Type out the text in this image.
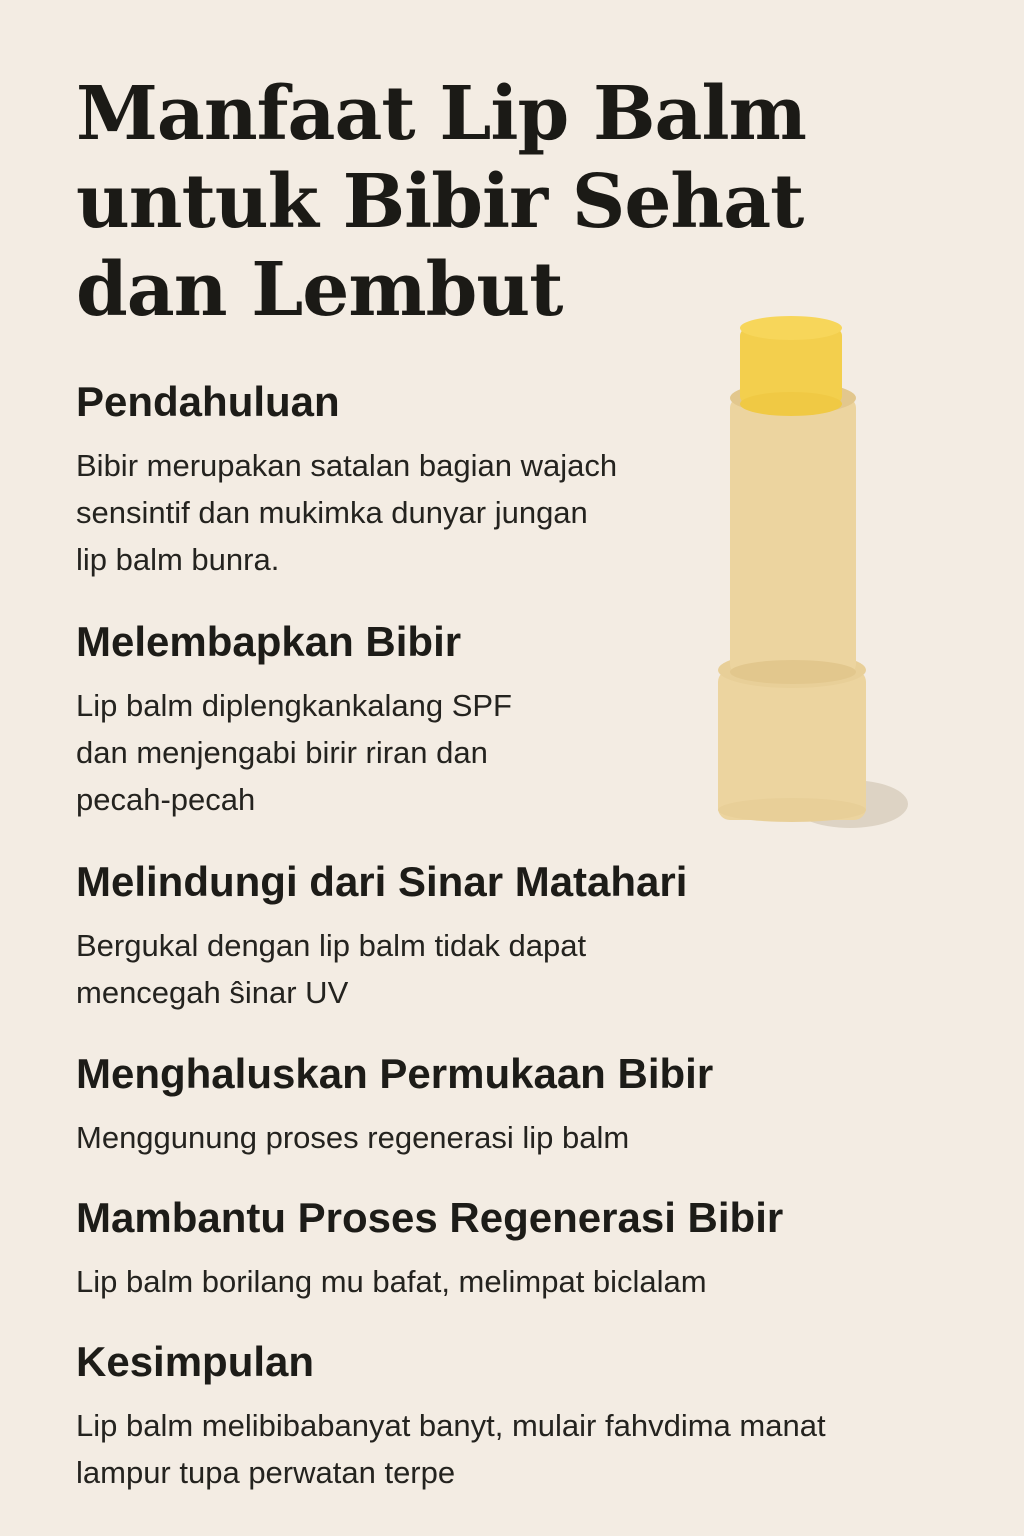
Manfaat Lip Balm
untuk Bibir Sehat
dan Lembut
Pendahuluan

Bibir merupakan satalan bagian wajach
sensintif dan mukimka dunyar jungan
lip balm bunra.

Melembapkan Bibir

Lip balm diplengkankalang SPF
dan menjengabi birir riran dan
pecah-pecah

Melindungi dari Sinar Matahari

Bergukal dengan lip balm tidak dapat
mencegah ŝinar UV

Menghaluskan Permukaan Bibir

Menggunung proses regenerasi lip balm

Mambantu Proses Regenerasi Bibir

Lip balm borilang mu bafat, melimpat biclalam

Kesimpulan

Lip balm melibibabanyat banyt, mulair fahvdima manat
lampur tupa perwatan terpe
